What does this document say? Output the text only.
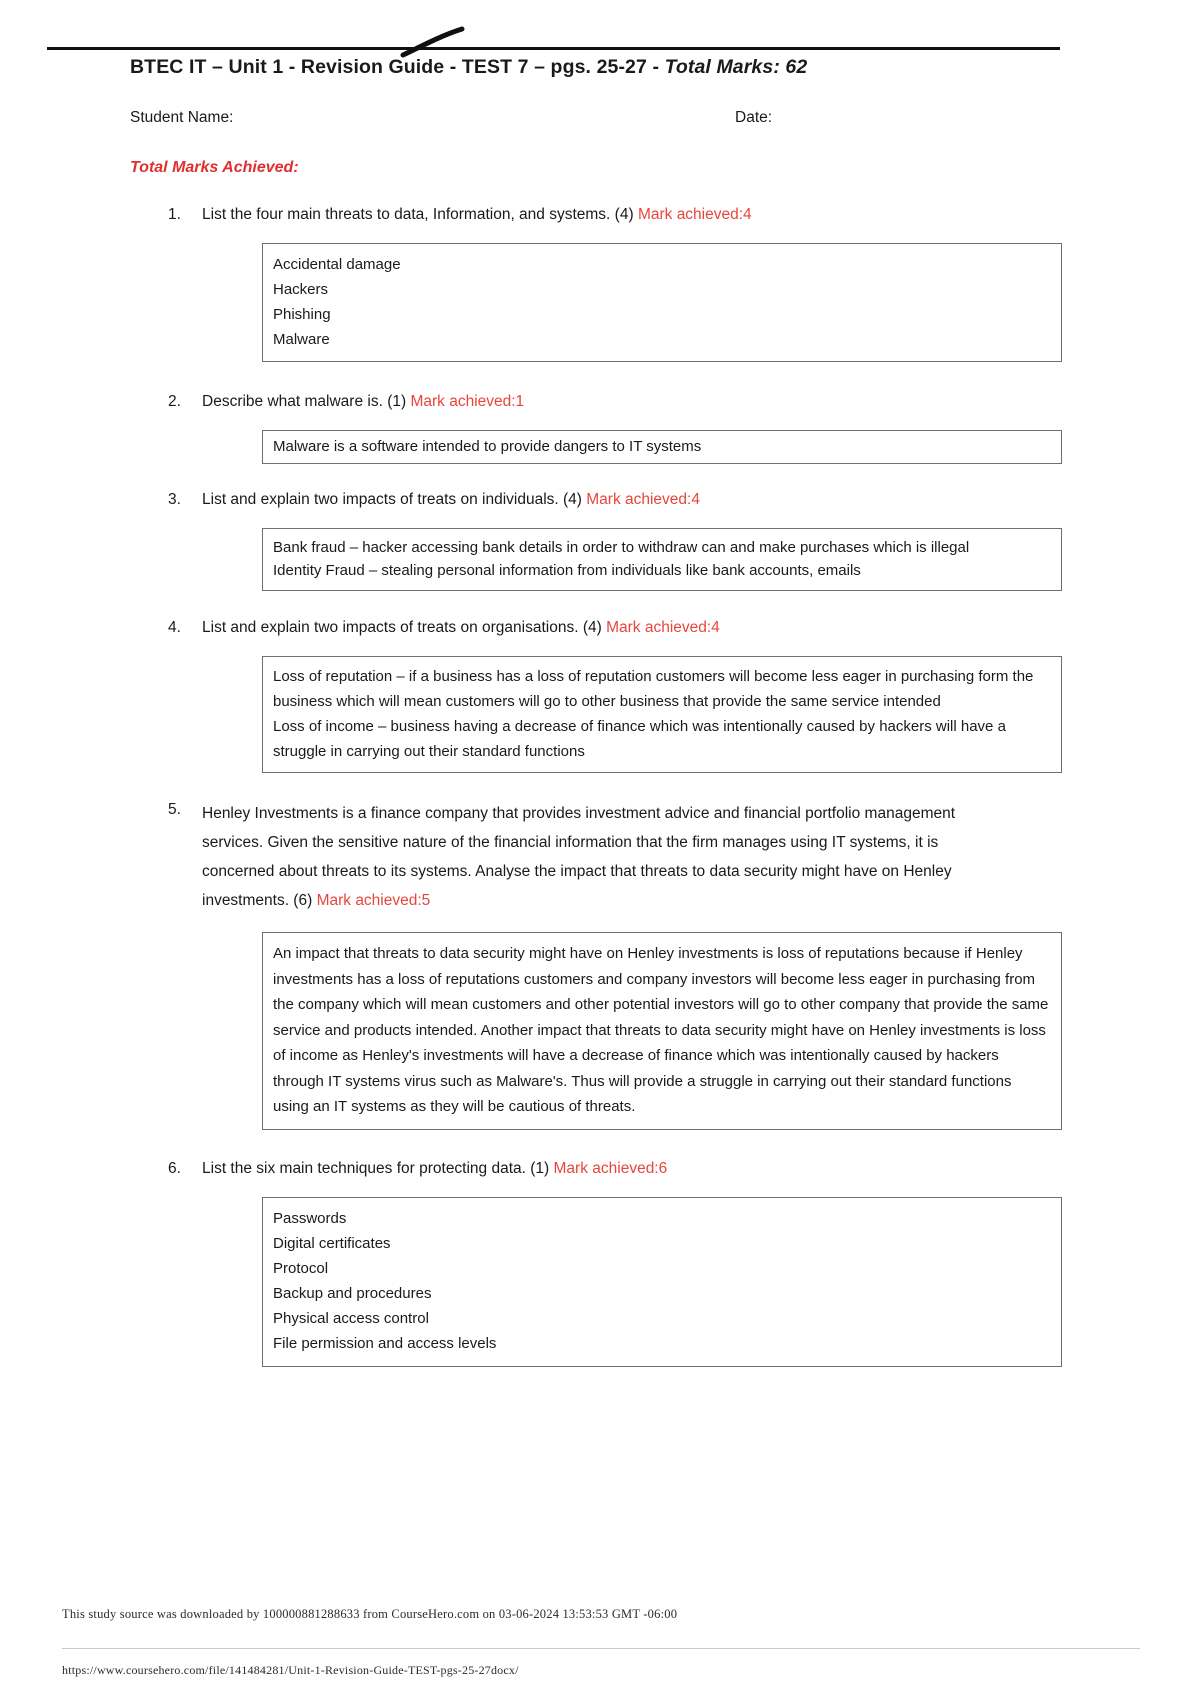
BTEC IT – Unit 1 - Revision Guide - TEST 7 – pgs. 25-27 - Total Marks: 62
Student Name:	Date:
Total Marks Achieved:
1. List the four main threats to data, Information, and systems. (4) Mark achieved:4
Accidental damage
Hackers
Phishing
Malware
2. Describe what malware is. (1) Mark achieved:1
Malware is a software intended to provide dangers to IT systems
3. List and explain two impacts of treats on individuals. (4) Mark achieved:4

Bank fraud – hacker accessing bank details in order to withdraw can and make purchases which is illegal

Identity Fraud – stealing personal information from individuals like bank accounts, emails

4. List and explain two impacts of treats on organisations. (4) Mark achieved:4

Loss of reputation – if a business has a loss of reputation customers will become less eager in purchasing form the business which will mean customers will go to other business that provide the same service intended

Loss of income – business having a decrease of finance which was intentionally caused by hackers will have a struggle in carrying out their standard functions

5. Henley Investments is a finance company that provides investment advice and financial portfolio management services. Given the sensitive nature of the financial information that the firm manages using IT systems, it is concerned about threats to its systems. Analyse the impact that threats to data security might have on Henley investments. (6) Mark achieved:5

An impact that threats to data security might have on Henley investments is loss of reputations because if Henley investments has a loss of reputations customers and company investors will become less eager in purchasing from the company which will mean customers and other potential investors will go to other company that provide the same service and products intended. Another impact that threats to data security might have on Henley investments is loss of income as Henley's investments will have a decrease of finance which was intentionally caused by hackers through IT systems virus such as Malware's. Thus will provide a struggle in carrying out their standard functions using an IT systems as they will be cautious of threats.

6. List the six main techniques for protecting data. (1) Mark achieved:6
Passwords
Digital certificates
Protocol
Backup and procedures
Physical access control
File permission and access levels
This study source was downloaded by 100000881288633 from CourseHero.com on 03-06-2024 13:53:53 GMT -06:00
https://www.coursehero.com/file/141484281/Unit-1-Revision-Guide-TEST-pgs-25-27docx/
